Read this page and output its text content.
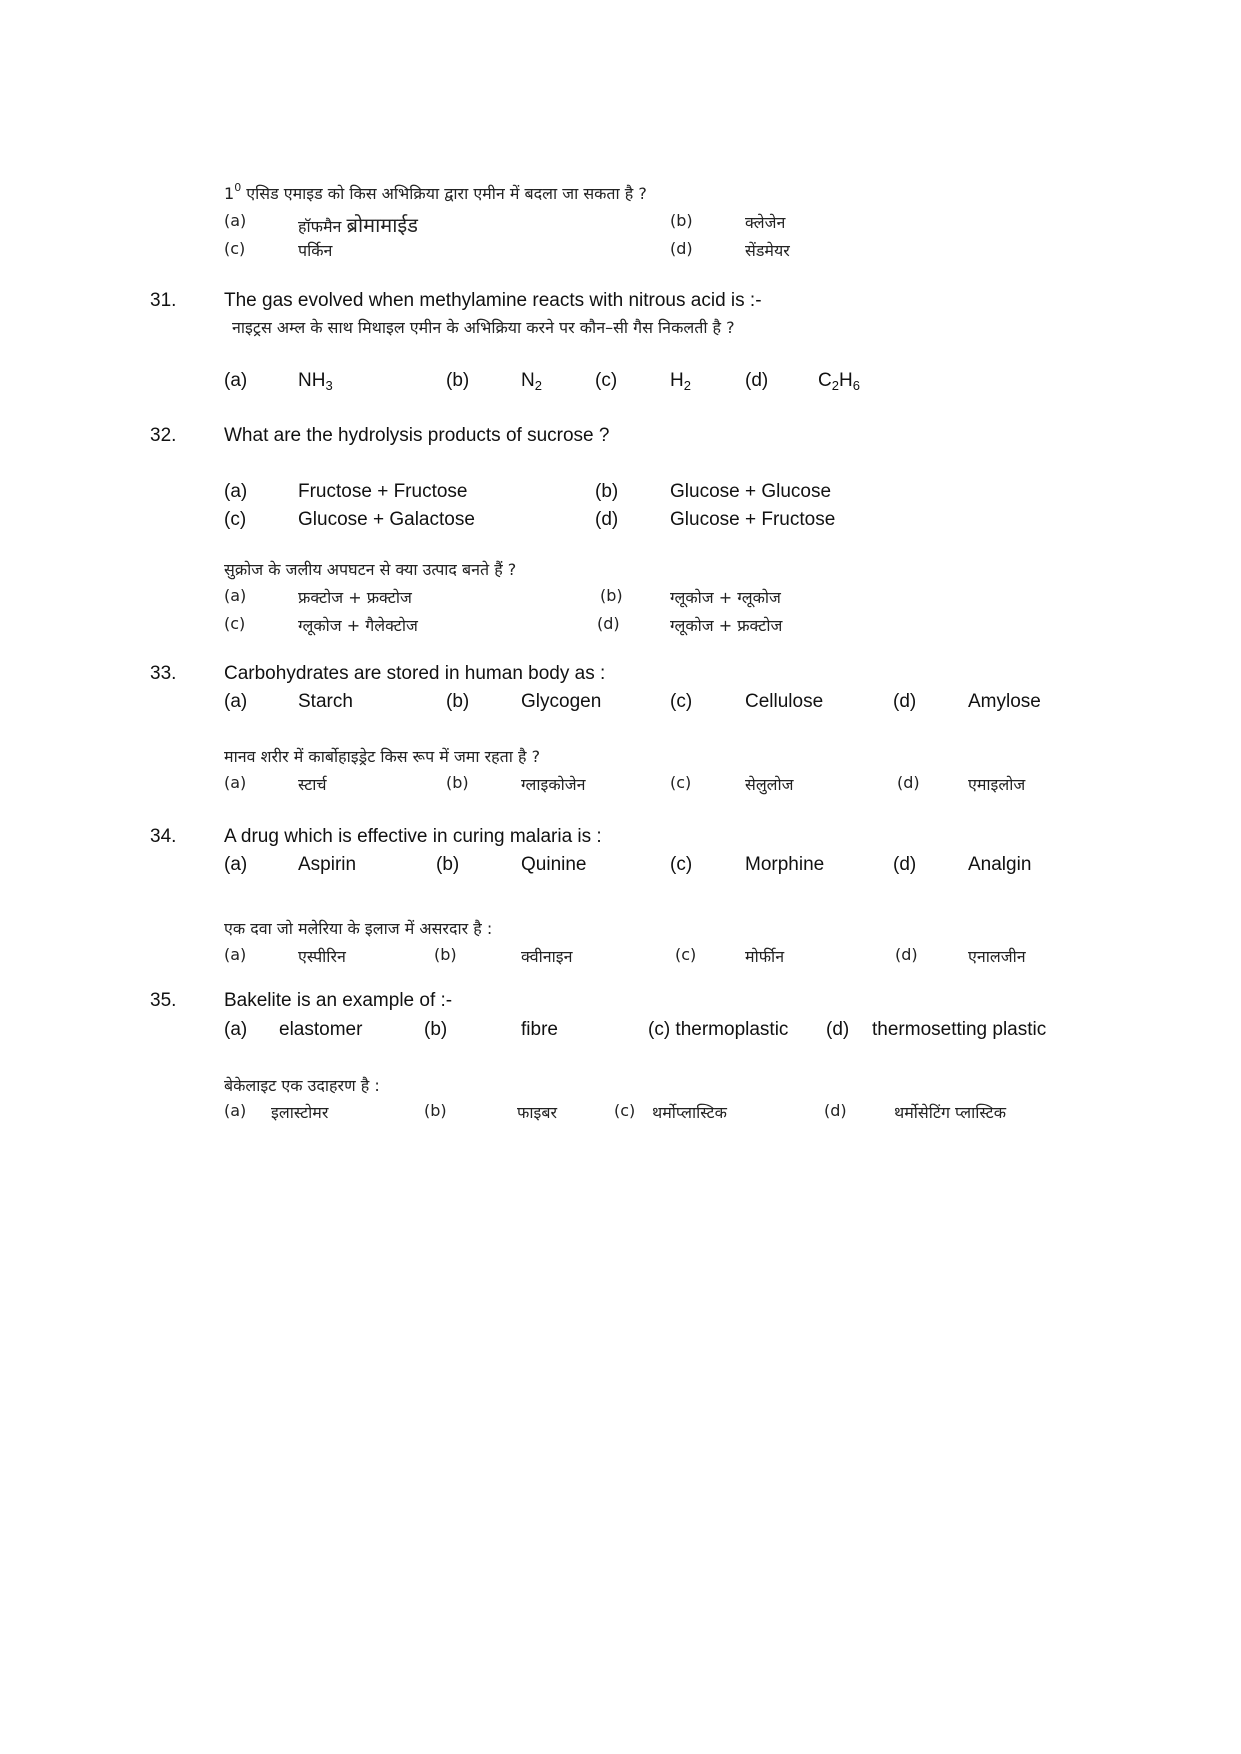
$1^0$ एसिड एमाइड को किस अभिक्रिया द्वारा एमीन में बदला जा सकता है ?
(a)	हॉफमैन ब्रोमामाईड	(b)	क्लेजेन
(c)	पर्किन	(d)	सेंडमेयर
31.	The gas evolved when methylamine reacts with nitrous acid is :-
नाइट्रस अम्ल के साथ मिथाइल एमीन के अभिक्रिया करने पर कौन–सी गैस निकलती है ?
(a)	$NH_3$	(b)	$N_2$	(c)	$H_2$	(d)	$C_2H_6$
32.	What are the hydrolysis products of sucrose ?
(a)	Fructose + Fructose	(b)	Glucose + Glucose
(c)	Glucose + Galactose	(d)	Glucose + Fructose
सुक्रोज के जलीय अपघटन से क्या उत्पाद बनते हैं ?
(a)	फ्रक्टोज + फ्रक्टोज	(b)	ग्लूकोज + ग्लूकोज
(c)	ग्लूकोज + गैलेक्टोज	(d)	ग्लूकोज + फ्रक्टोज
33.	Carbohydrates are stored in human body as :
(a)	Starch	(b)	Glycogen	(c)	Cellulose	(d)	Amylose
मानव शरीर में कार्बोहाइड्रेट किस रूप में जमा रहता है ?
(a)	स्टार्च	(b)	ग्लाइकोजेन	(c)	सेलुलोज	(d)	एमाइलोज
34.	A drug which is effective in curing malaria is :
(a)	Aspirin	(b)	Quinine	(c)	Morphine	(d)	Analgin
एक दवा जो मलेरिया के इलाज में असरदार है :
(a)	एस्पीरिन	(b)	क्वीनाइन	(c)	मोर्फीन	(d)	एनालजीन
35.	Bakelite is an example of :-
(a) elastomer	(b)	fibre	(c) thermoplastic (d) thermosetting plastic
बेकेलाइट एक उदाहरण है :
(a) इलास्टोमर	(b)	फाइबर	(c) थर्मोप्लास्टिक	(d)	थर्मोसेटिंग प्लास्टिक
